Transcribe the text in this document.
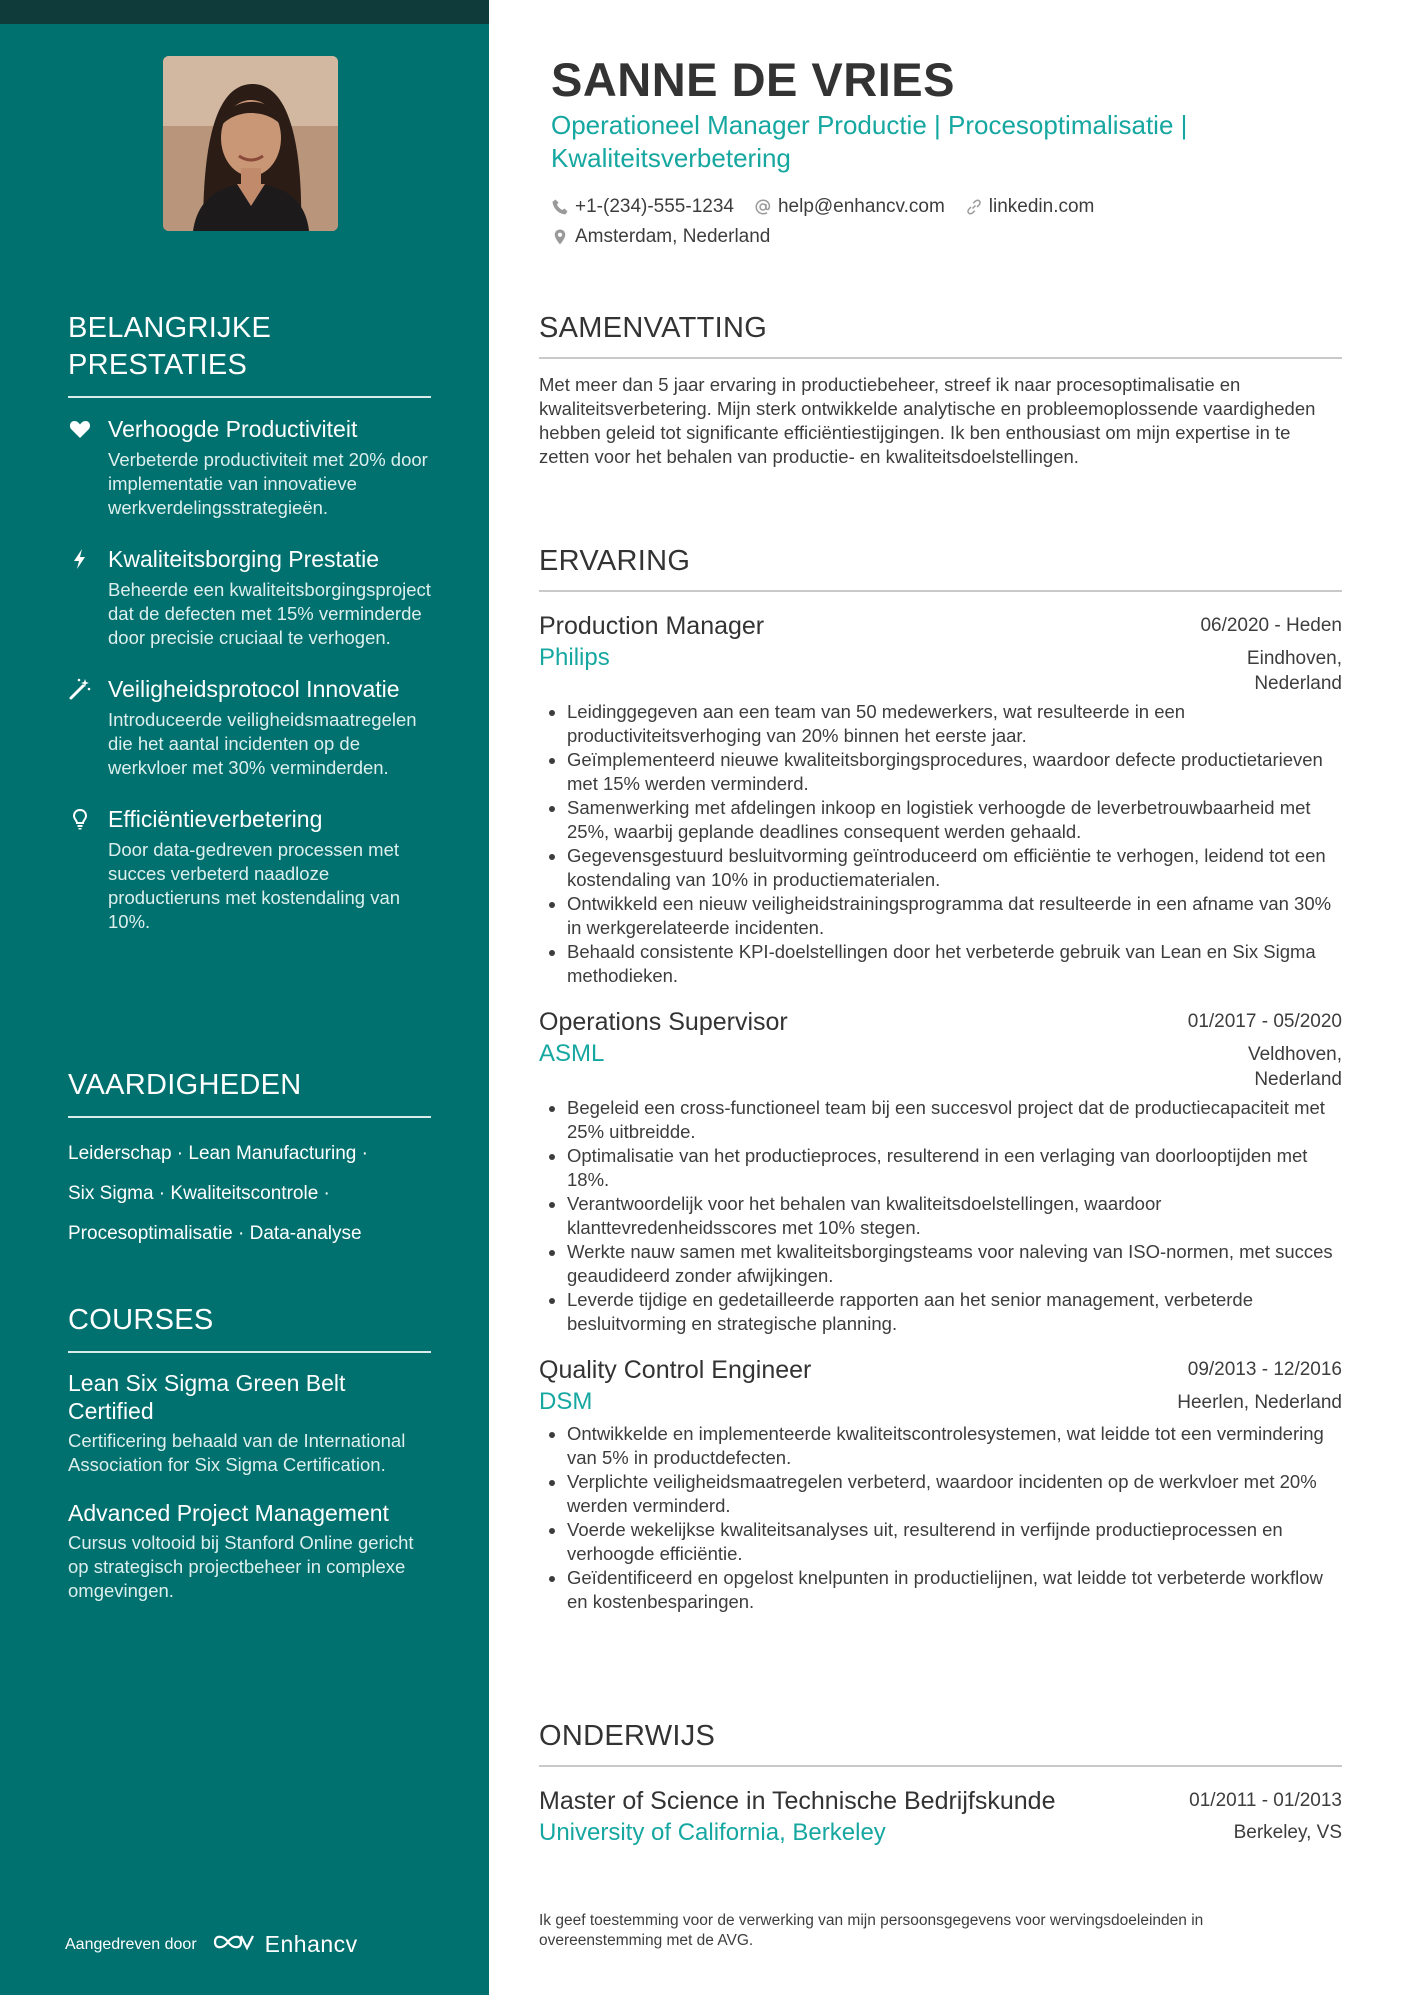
BELANGRIJKE PRESTATIES
Verhoogde Productiviteit
Verbeterde productiviteit met 20% door implementatie van innovatieve werkverdelingsstrategieën.
Kwaliteitsborging Prestatie
Beheerde een kwaliteitsborgingsproject dat de defecten met 15% verminderde door precisie cruciaal te verhogen.
Veiligheidsprotocol Innovatie
Introduceerde veiligheidsmaatregelen die het aantal incidenten op de werkvloer met 30% verminderden.
Efficiëntieverbetering
Door data-gedreven processen met succes verbeterd naadloze productieruns met kostendaling van 10%.
VAARDIGHEDEN
Leiderschap · Lean Manufacturing ·
Six Sigma · Kwaliteitscontrole ·
Procesoptimalisatie · Data-analyse
COURSES
Lean Six Sigma Green Belt Certified
Certificering behaald van de International Association for Six Sigma Certification.
Advanced Project Management
Cursus voltooid bij Stanford Online gericht op strategisch projectbeheer in complexe omgevingen.
Aangedreven door	Enhancv
SANNE DE VRIES
Operationeel Manager Productie | Procesoptimalisatie | Kwaliteitsverbetering
+1-(234)-555-1234 help@enhancv.com linkedin.com
Amsterdam, Nederland
SAMENVATTING
Met meer dan 5 jaar ervaring in productiebeheer, streef ik naar procesoptimalisatie en kwaliteitsverbetering. Mijn sterk ontwikkelde analytische en probleemoplossende vaardigheden hebben geleid tot significante efficiëntiestijgingen. Ik ben enthousiast om mijn expertise in te zetten voor het behalen van productie- en kwaliteitsdoelstellingen.
ERVARING
Production Manager	06/2020 - Heden
Philips	Eindhoven, Nederland
• Leidinggegeven aan een team van 50 medewerkers, wat resulteerde in een productiviteitsverhoging van 20% binnen het eerste jaar.
• Geïmplementeerd nieuwe kwaliteitsborgingsprocedures, waardoor defecte productietarieven met 15% werden verminderd.
• Samenwerking met afdelingen inkoop en logistiek verhoogde de leverbetrouwbaarheid met 25%, waarbij geplande deadlines consequent werden gehaald.
• Gegevensgestuurd besluitvorming geïntroduceerd om efficiëntie te verhogen, leidend tot een kostendaling van 10% in productiematerialen.
• Ontwikkeld een nieuw veiligheidstrainingsprogramma dat resulteerde in een afname van 30% in werkgerelateerde incidenten.
• Behaald consistente KPI-doelstellingen door het verbeterde gebruik van Lean en Six Sigma methodieken.
Operations Supervisor	01/2017 - 05/2020
ASML	Veldhoven, Nederland
• Begeleid een cross-functioneel team bij een succesvol project dat de productiecapaciteit met 25% uitbreidde.
• Optimalisatie van het productieproces, resulterend in een verlaging van doorlooptijden met 18%.
• Verantwoordelijk voor het behalen van kwaliteitsdoelstellingen, waardoor klanttevredenheidsscores met 10% stegen.
• Werkte nauw samen met kwaliteitsborgingsteams voor naleving van ISO-normen, met succes geaudideerd zonder afwijkingen.
• Leverde tijdige en gedetailleerde rapporten aan het senior management, verbeterde besluitvorming en strategische planning.
Quality Control Engineer	09/2013 - 12/2016
DSM	Heerlen, Nederland
• Ontwikkelde en implementeerde kwaliteitscontrolesystemen, wat leidde tot een vermindering van 5% in productdefecten.
• Verplichte veiligheidsmaatregelen verbeterd, waardoor incidenten op de werkvloer met 20% werden verminderd.
• Voerde wekelijkse kwaliteitsanalyses uit, resulterend in verfijnde productieprocessen en verhoogde efficiëntie.
• Geïdentificeerd en opgelost knelpunten in productielijnen, wat leidde tot verbeterde workflow en kostenbesparingen.
ONDERWIJS
Master of Science in Technische Bedrijfskunde	01/2011 - 01/2013
University of California, Berkeley	Berkeley, VS
Ik geef toestemming voor de verwerking van mijn persoonsgegevens voor wervingsdoeleinden in overeenstemming met de AVG.
